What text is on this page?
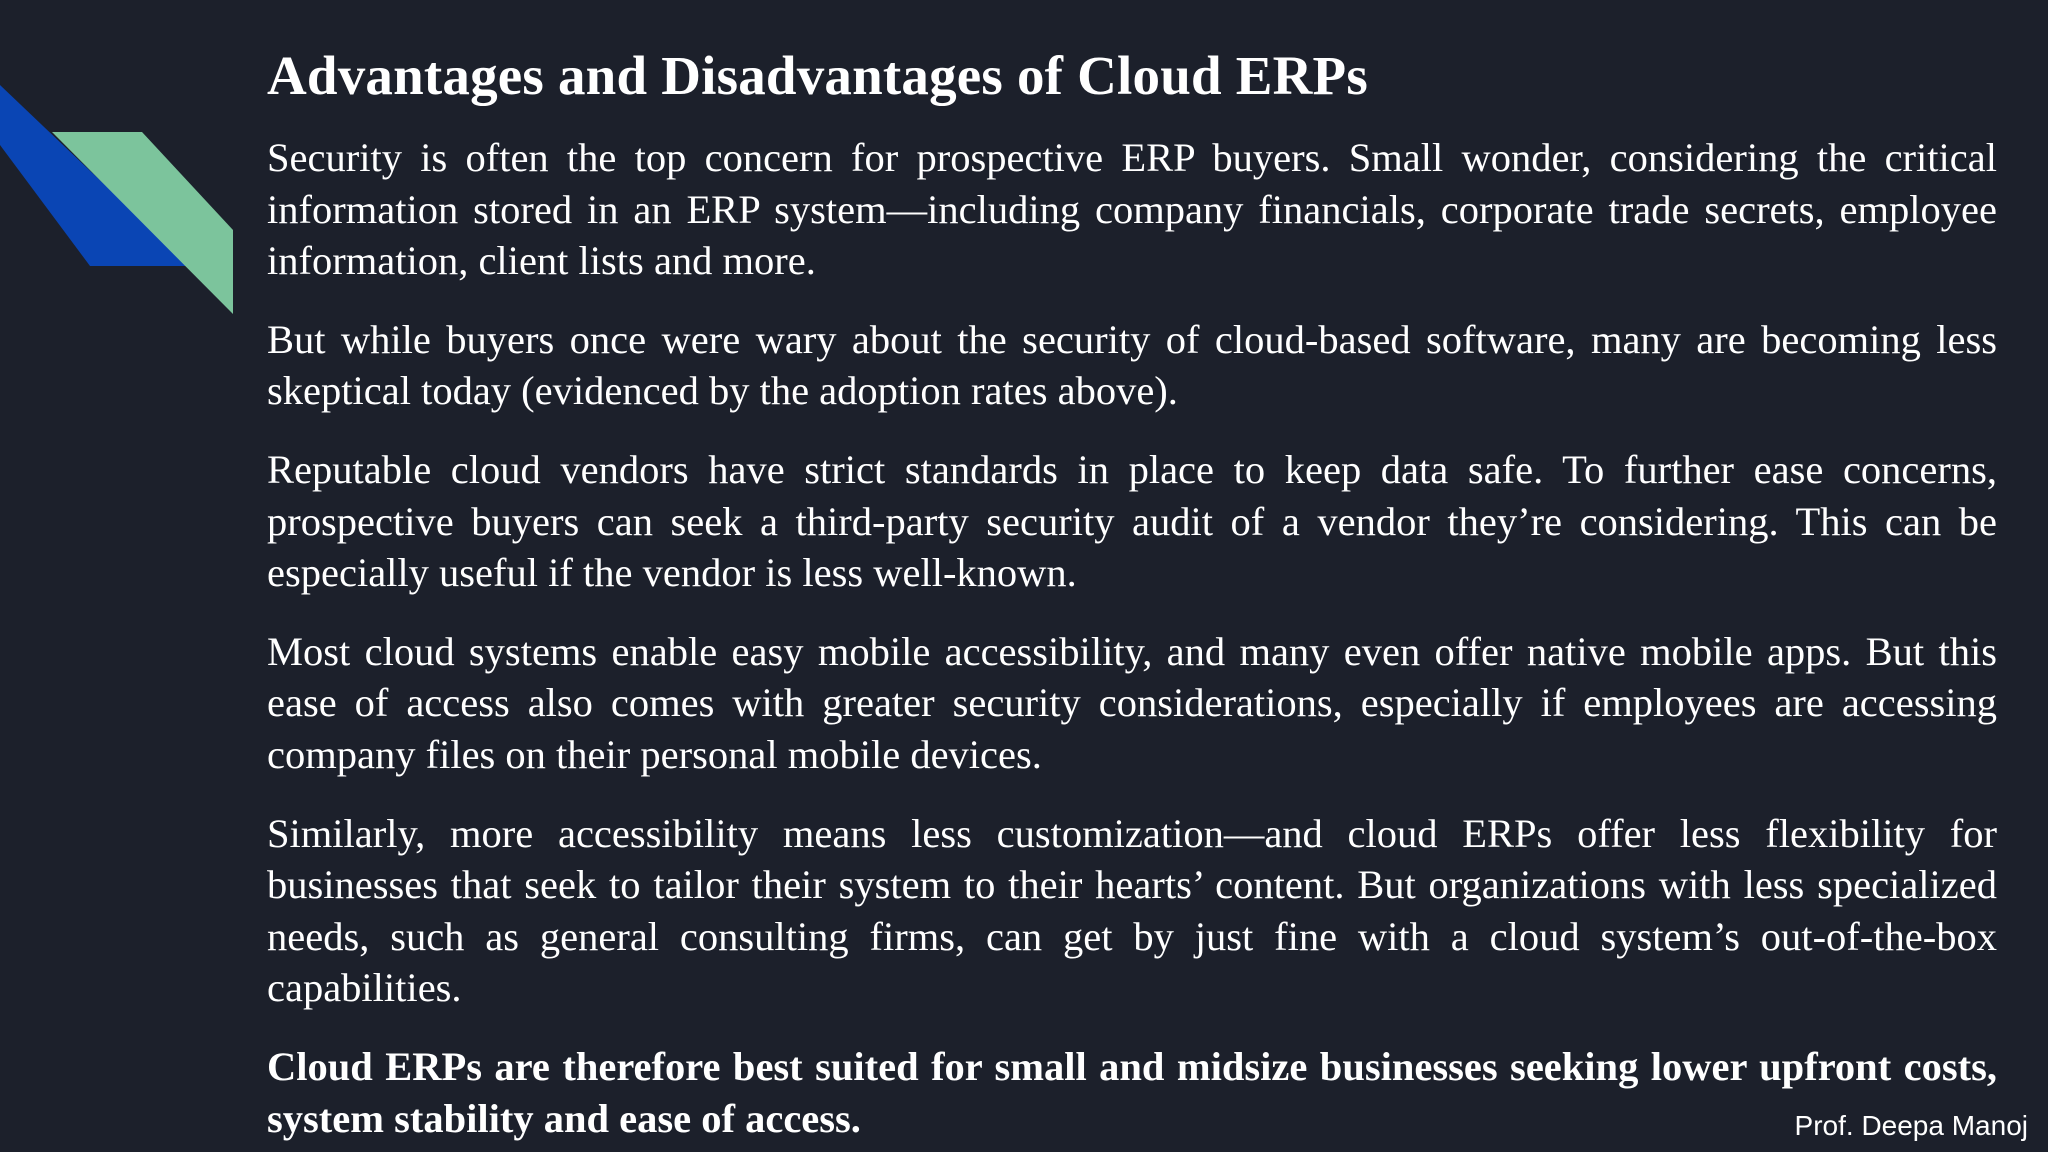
Advantages and Disadvantages of Cloud ERPs

Security is often the top concern for prospective ERP buyers. Small wonder, considering the critical information stored in an ERP system—including company financials, corporate trade secrets, employee information, client lists and more.

But while buyers once were wary about the security of cloud-based software, many are becoming less skeptical today (evidenced by the adoption rates above).

Reputable cloud vendors have strict standards in place to keep data safe. To further ease concerns, prospective buyers can seek a third-party security audit of a vendor they’re considering. This can be especially useful if the vendor is less well-known.

Most cloud systems enable easy mobile accessibility, and many even offer native mobile apps. But this ease of access also comes with greater security considerations, especially if employees are accessing company files on their personal mobile devices.

Similarly, more accessibility means less customization—and cloud ERPs offer less flexibility for businesses that seek to tailor their system to their hearts’ content. But organizations with less specialized needs, such as general consulting firms, can get by just fine with a cloud system’s out-of-the-box capabilities.

Cloud ERPs are therefore best suited for small and midsize businesses seeking lower upfront costs, system stability and ease of access.	Prof. Deepa Manoj
